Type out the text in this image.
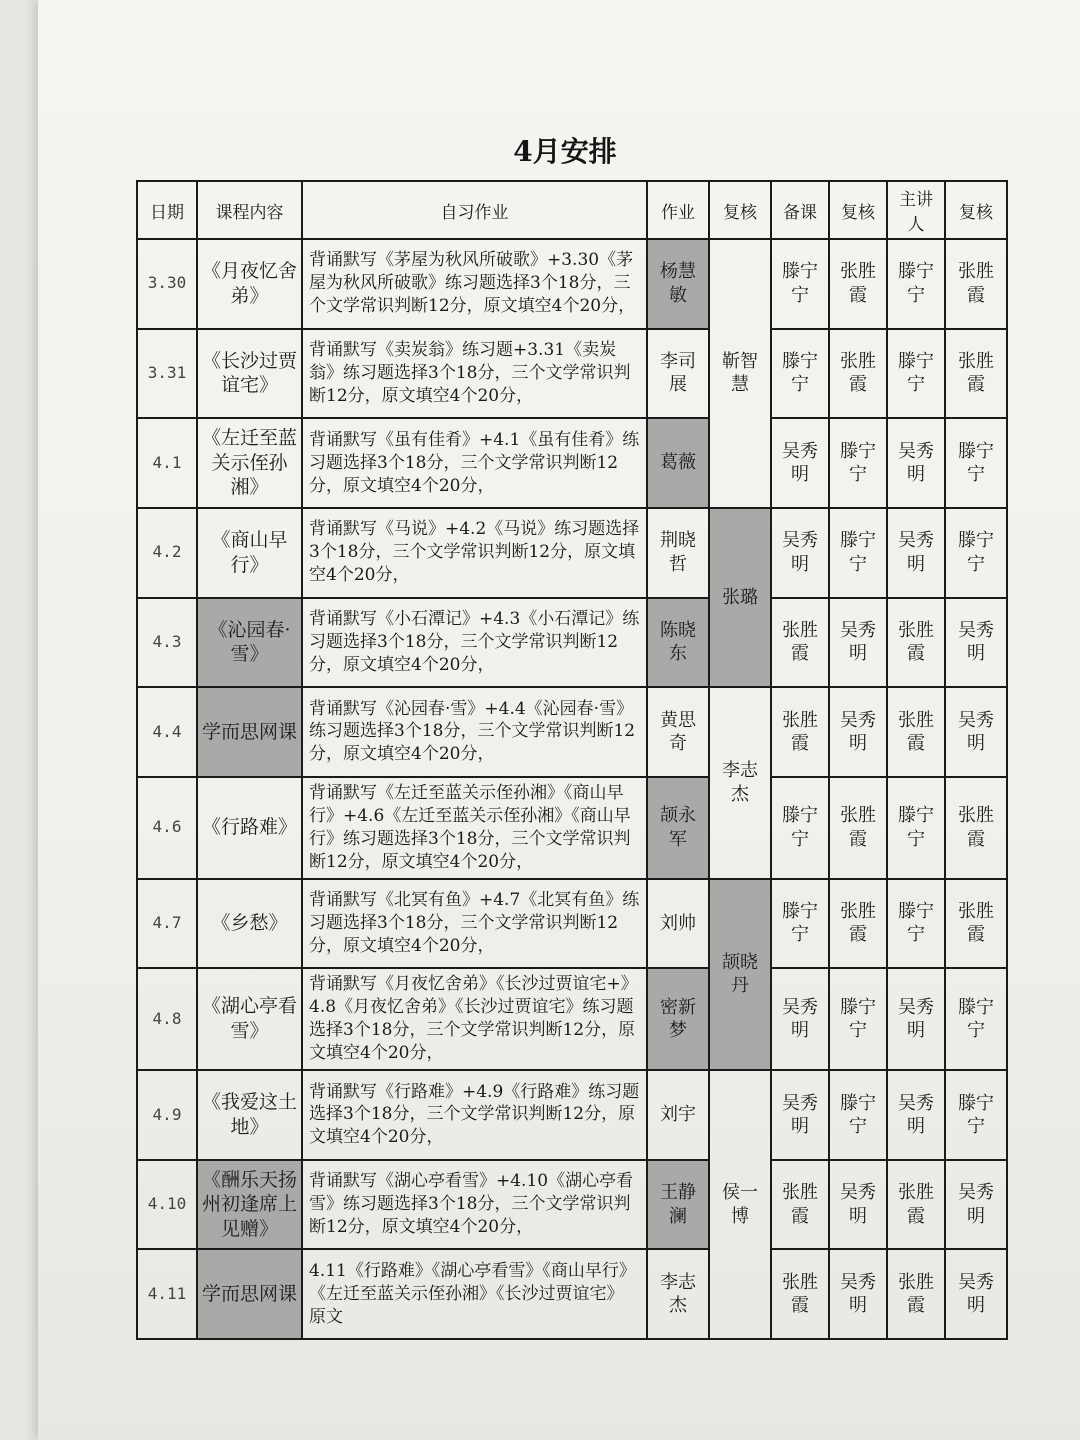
4月安排
日期	课程内容	自习作业	作业	复核	备课	复核	主讲人	复核
3.30	《月夜忆舍弟》	背诵默写《茅屋为秋风所破歌》+3.30《茅屋为秋风所破歌》练习题选择3个18分，三个文学常识判断12分，原文填空4个20分，	杨慧敏	靳智慧	滕宁宁	张胜霞	滕宁宁	张胜霞
3.31	《长沙过贾谊宅》	背诵默写《卖炭翁》练习题+3.31《卖炭翁》练习题选择3个18分，三个文学常识判断12分，原文填空4个20分，	李司展		滕宁宁	张胜霞	滕宁宁	张胜霞
4.1	《左迁至蓝关示侄孙湘》	背诵默写《虽有佳肴》+4.1《虽有佳肴》练习题选择3个18分，三个文学常识判断12分，原文填空4个20分，	葛薇		吴秀明	滕宁宁	吴秀明	滕宁宁
4.2	《商山早行》	背诵默写《马说》+4.2《马说》练习题选择3个18分，三个文学常识判断12分，原文填空4个20分，	荆晓哲	张璐	吴秀明	滕宁宁	吴秀明	滕宁宁
4.3	《沁园春·雪》	背诵默写《小石潭记》+4.3《小石潭记》练习题选择3个18分，三个文学常识判断12分，原文填空4个20分，	陈晓东		张胜霞	吴秀明	张胜霞	吴秀明
4.4	学而思网课	背诵默写《沁园春·雪》+4.4《沁园春·雪》练习题选择3个18分，三个文学常识判断12分，原文填空4个20分，	黄思奇	李志杰	张胜霞	吴秀明	张胜霞	吴秀明
4.6	《行路难》	背诵默写《左迁至蓝关示侄孙湘》《商山早行》+4.6《左迁至蓝关示侄孙湘》《商山早行》练习题选择3个18分，三个文学常识判断12分，原文填空4个20分，	颉永军		滕宁宁	张胜霞	滕宁宁	张胜霞
4.7	《乡愁》	背诵默写《北冥有鱼》+4.7《北冥有鱼》练习题选择3个18分，三个文学常识判断12分，原文填空4个20分，	刘帅	颉晓丹	滕宁宁	张胜霞	滕宁宁	张胜霞
4.8	《湖心亭看雪》	背诵默写《月夜忆舍弟》《长沙过贾谊宅+》4.8《月夜忆舍弟》《长沙过贾谊宅》练习题选择3个18分，三个文学常识判断12分，原文填空4个20分，	密新梦		吴秀明	滕宁宁	吴秀明	滕宁宁
4.9	《我爱这土地》	背诵默写《行路难》+4.9《行路难》练习题选择3个18分，三个文学常识判断12分，原文填空4个20分，	刘宇	侯一博	吴秀明	滕宁宁	吴秀明	滕宁宁
4.10	《酬乐天扬州初逢席上见赠》	背诵默写《湖心亭看雪》+4.10《湖心亭看雪》练习题选择3个18分，三个文学常识判断12分，原文填空4个20分，	王静澜		张胜霞	吴秀明	张胜霞	吴秀明
4.11	学而思网课	4.11《行路难》《湖心亭看雪》《商山早行》《左迁至蓝关示侄孙湘》《长沙过贾谊宅》原文	李志杰		张胜霞	吴秀明	张胜霞	吴秀明
